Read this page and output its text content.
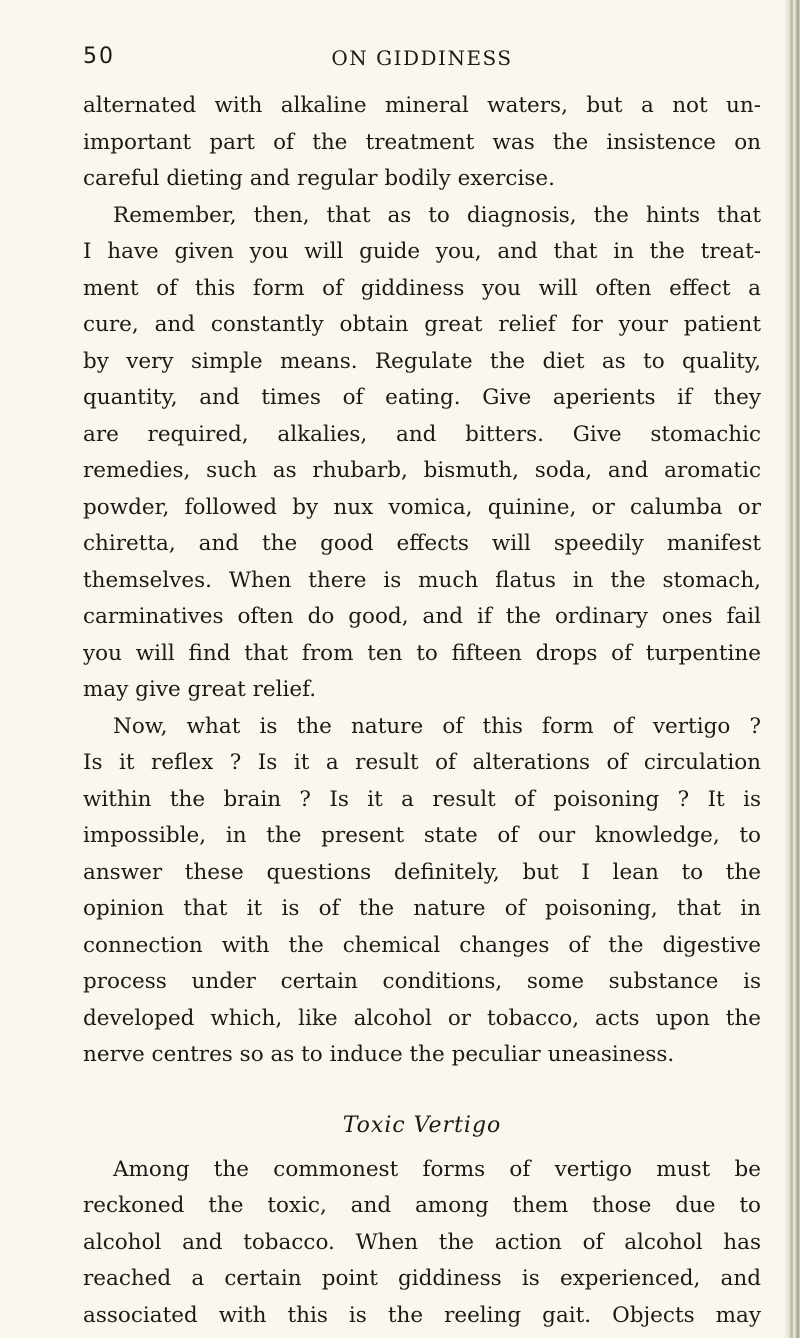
50	ON GIDDINESS
alternated with alkaline mineral waters, but a not un-
important part of the treatment was the insistence on
careful dieting and regular bodily exercise.
Remember, then, that as to diagnosis, the hints that
I have given you will guide you, and that in the treat-
ment of this form of giddiness you will often effect a
cure, and constantly obtain great relief for your patient
by very simple means. Regulate the diet as to quality,
quantity, and times of eating. Give aperients if they
are required, alkalies, and bitters. Give stomachic
remedies, such as rhubarb, bismuth, soda, and aromatic
powder, followed by nux vomica, quinine, or calumba or
chiretta, and the good effects will speedily manifest
themselves. When there is much flatus in the stomach,
carminatives often do good, and if the ordinary ones fail
you will find that from ten to fifteen drops of turpentine
may give great relief.
Now, what is the nature of this form of vertigo ?
Is it reflex ? Is it a result of alterations of circulation
within the brain ? Is it a result of poisoning ? It is
impossible, in the present state of our knowledge, to
answer these questions definitely, but I lean to the
opinion that it is of the nature of poisoning, that in
connection with the chemical changes of the digestive
process under certain conditions, some substance is
developed which, like alcohol or tobacco, acts upon the
nerve centres so as to induce the peculiar uneasiness.
Toxic Vertigo
Among the commonest forms of vertigo must be
reckoned the toxic, and among them those due to
alcohol and tobacco. When the action of alcohol has
reached a certain point giddiness is experienced, and
associated with this is the reeling gait. Objects may
